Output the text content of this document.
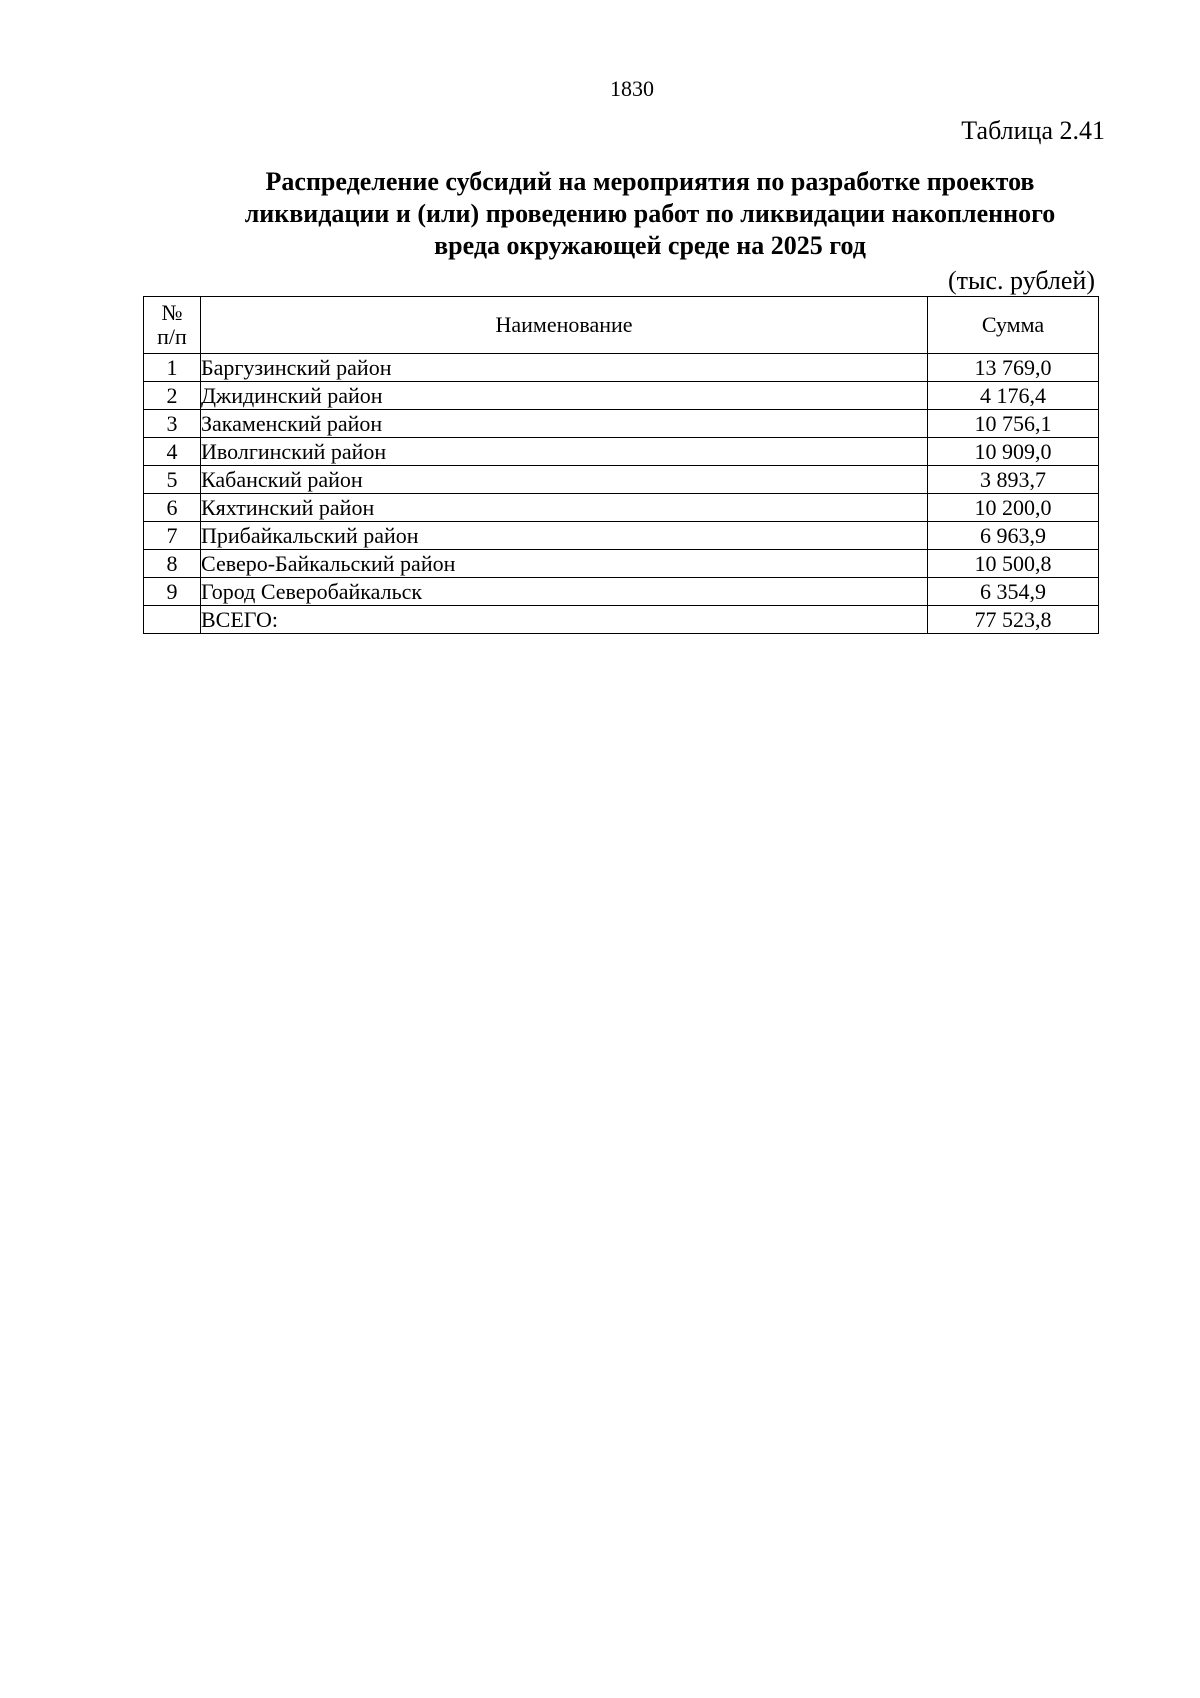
1830
Таблица 2.41
Распределение субсидий на мероприятия по разработке проектов
ликвидации и (или) проведению работ по ликвидации накопленного
вреда окружающей среде на 2025 год
(тыс. рублей)
№
п/п	Наименование	Сумма
1	Баргузинский район	13 769,0
2	Джидинский район	4 176,4
3	Закаменский район	10 756,1
4	Иволгинский район	10 909,0
5	Кабанский район	3 893,7
6	Кяхтинский район	10 200,0
7	Прибайкальский район	6 963,9
8	Северо-Байкальский район	10 500,8
9	Город Северобайкальск	6 354,9
	ВСЕГО:	77 523,8
